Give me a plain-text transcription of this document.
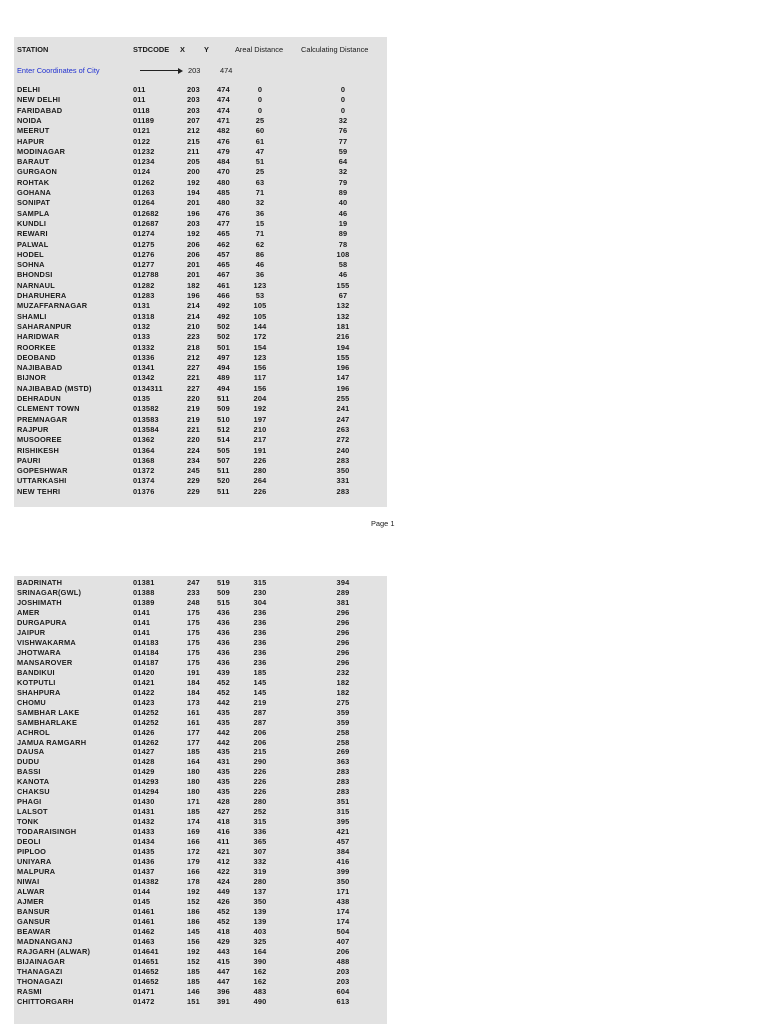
STATION	STDCODE X	Y	Areal Distance Calculating Distance
Enter Coordinates of City	203	474
DELHI	011	203 474	0	0
NEW DELHI	011	203 474	0	0
FARIDABAD	0118	203 474	0	0
NOIDA	01189	207 471	25	32
MEERUT	0121	212 482	60	76
HAPUR	0122	215 476	61	77
MODINAGAR	01232	211 479	47	59
BARAUT	01234	205 484	51	64
GURGAON	0124	200 470	25	32
ROHTAK	01262	192 480	63	79
GOHANA	01263	194 485	71	89
SONIPAT	01264	201 480	32	40
SAMPLA	012682	196 476	36	46
KUNDLI	012687	203 477	15	19
REWARI	01274	192 465	71	89
PALWAL	01275	206 462	62	78
HODEL	01276	206 457	86	108
SOHNA	01277	201 465	46	58
BHONDSI	012788	201 467	36	46
NARNAUL	01282	182 461	123	155
DHARUHERA	01283	196 466	53	67
MUZAFFARNAGAR	0131	214 492	105	132
SHAMLI	01318	214 492	105	132
SAHARANPUR	0132	210 502	144	181
HARIDWAR	0133	223 502	172	216
ROORKEE	01332	218 501	154	194
DEOBAND	01336	212 497	123	155
NAJIBABAD	01341	227 494	156	196
BIJNOR	01342	221 489	117	147
NAJIBABAD (MSTD)	0134311	227 494	156	196
DEHRADUN	0135	220 511	204	255
CLEMENT TOWN	013582	219 509	192	241
PREMNAGAR	013583	219 510	197	247
RAJPUR	013584	221 512	210	263
MUSOOREE	01362	220 514	217	272
RISHIKESH	01364	224 505	191	240
PAURI	01368	234 507	226	283
GOPESHWAR	01372	245 511	280	350
UTTARKASHI	01374	229 520	264	331
NEW TEHRI	01376	229 511	226	283
Page 1
BADRINATH	01381	247 519	315	394
SRINAGAR(GWL)	01388	233 509	230	289
JOSHIMATH	01389	248 515	304	381
AMER	0141	175 436	236	296
DURGAPURA	0141	175 436	236	296
JAIPUR	0141	175 436	236	296
VISHWAKARMA	014183	175 436	236	296
JHOTWARA	014184	175 436	236	296
MANSAROVER	014187	175 436	236	296
BANDIKUI	01420	191 439	185	232
KOTPUTLI	01421	184 452	145	182
SHAHPURA	01422	184 452	145	182
CHOMU	01423	173 442	219	275
SAMBHAR LAKE	014252	161 435	287	359
SAMBHARLAKE	014252	161 435	287	359
ACHROL	01426	177 442	206	258
JAMUA RAMGARH	014262	177 442	206	258
DAUSA	01427	185 435	215	269
DUDU	01428	164 431	290	363
BASSI	01429	180 435	226	283
KANOTA	014293	180 435	226	283
CHAKSU	014294	180 435	226	283
PHAGI	01430	171 428	280	351
LALSOT	01431	185 427	252	315
TONK	01432	174 418	315	395
TODARAISINGH	01433	169 416	336	421
DEOLI	01434	166 411	365	457
PIPLOO	01435	172 421	307	384
UNIYARA	01436	179 412	332	416
MALPURA	01437	166 422	319	399
NIWAI	014382	178 424	280	350
ALWAR	0144	192 449	137	171
AJMER	0145	152 426	350	438
BANSUR	01461	186 452	139	174
GANSUR	01461	186 452	139	174
BEAWAR	01462	145 418	403	504
MADNANGANJ	01463	156 429	325	407
RAJGARH (ALWAR)	014641	192 443	164	206
BIJAINAGAR	014651	152 415	390	488
THANAGAZI	014652	185 447	162	203
THONAGAZI	014652	185 447	162	203
RASMI	01471	146 396	483	604
CHITTORGARH	01472	151 391	490	613
